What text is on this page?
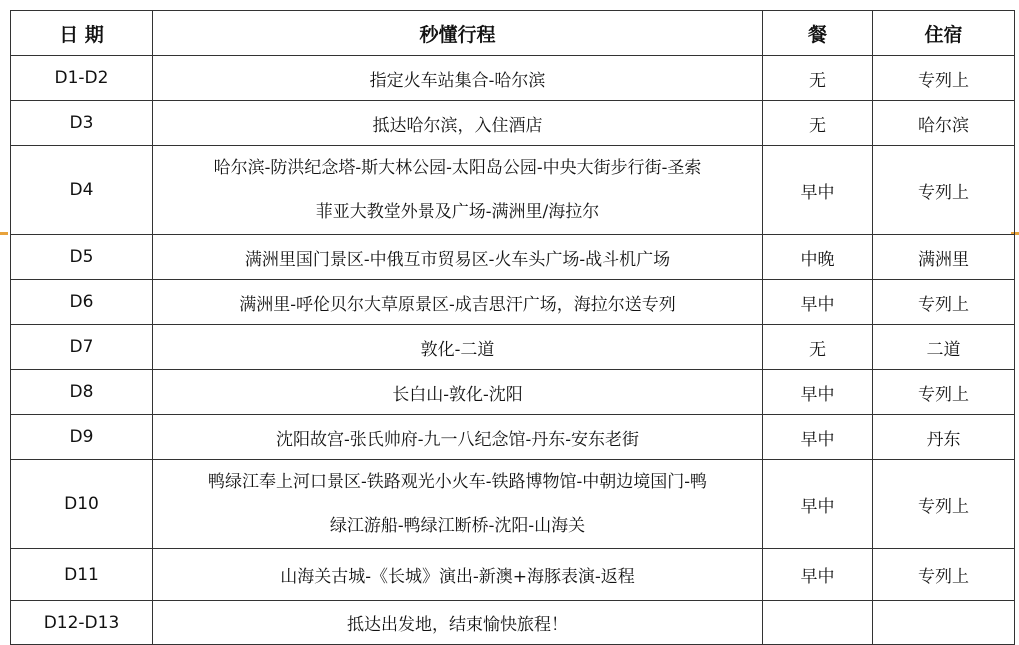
日 期	秒懂行程	餐	住宿
D1-D2	指定火车站集合-哈尔滨	无	专列上
D3	抵达哈尔滨，入住酒店	无	哈尔滨
D4	哈尔滨-防洪纪念塔-斯大林公园-太阳岛公园-中央大街步行街-圣索
菲亚大教堂外景及广场-满洲里/海拉尔	早中	专列上
D5	满洲里国门景区-中俄互市贸易区-火车头广场-战斗机广场	中晚	满洲里
D6	满洲里-呼伦贝尔大草原景区-成吉思汗广场，海拉尔送专列	早中	专列上
D7	敦化-二道	无	二道
D8	长白山-敦化-沈阳	早中	专列上
D9	沈阳故宫-张氏帅府-九一八纪念馆-丹东-安东老街	早中	丹东
D10	鸭绿江奉上河口景区-铁路观光小火车-铁路博物馆-中朝边境国门-鸭
绿江游船-鸭绿江断桥-沈阳-山海关	早中	专列上
D11	山海关古城-《长城》演出-新澳+海豚表演-返程	早中	专列上
D12-D13	抵达出发地，结束愉快旅程！		
